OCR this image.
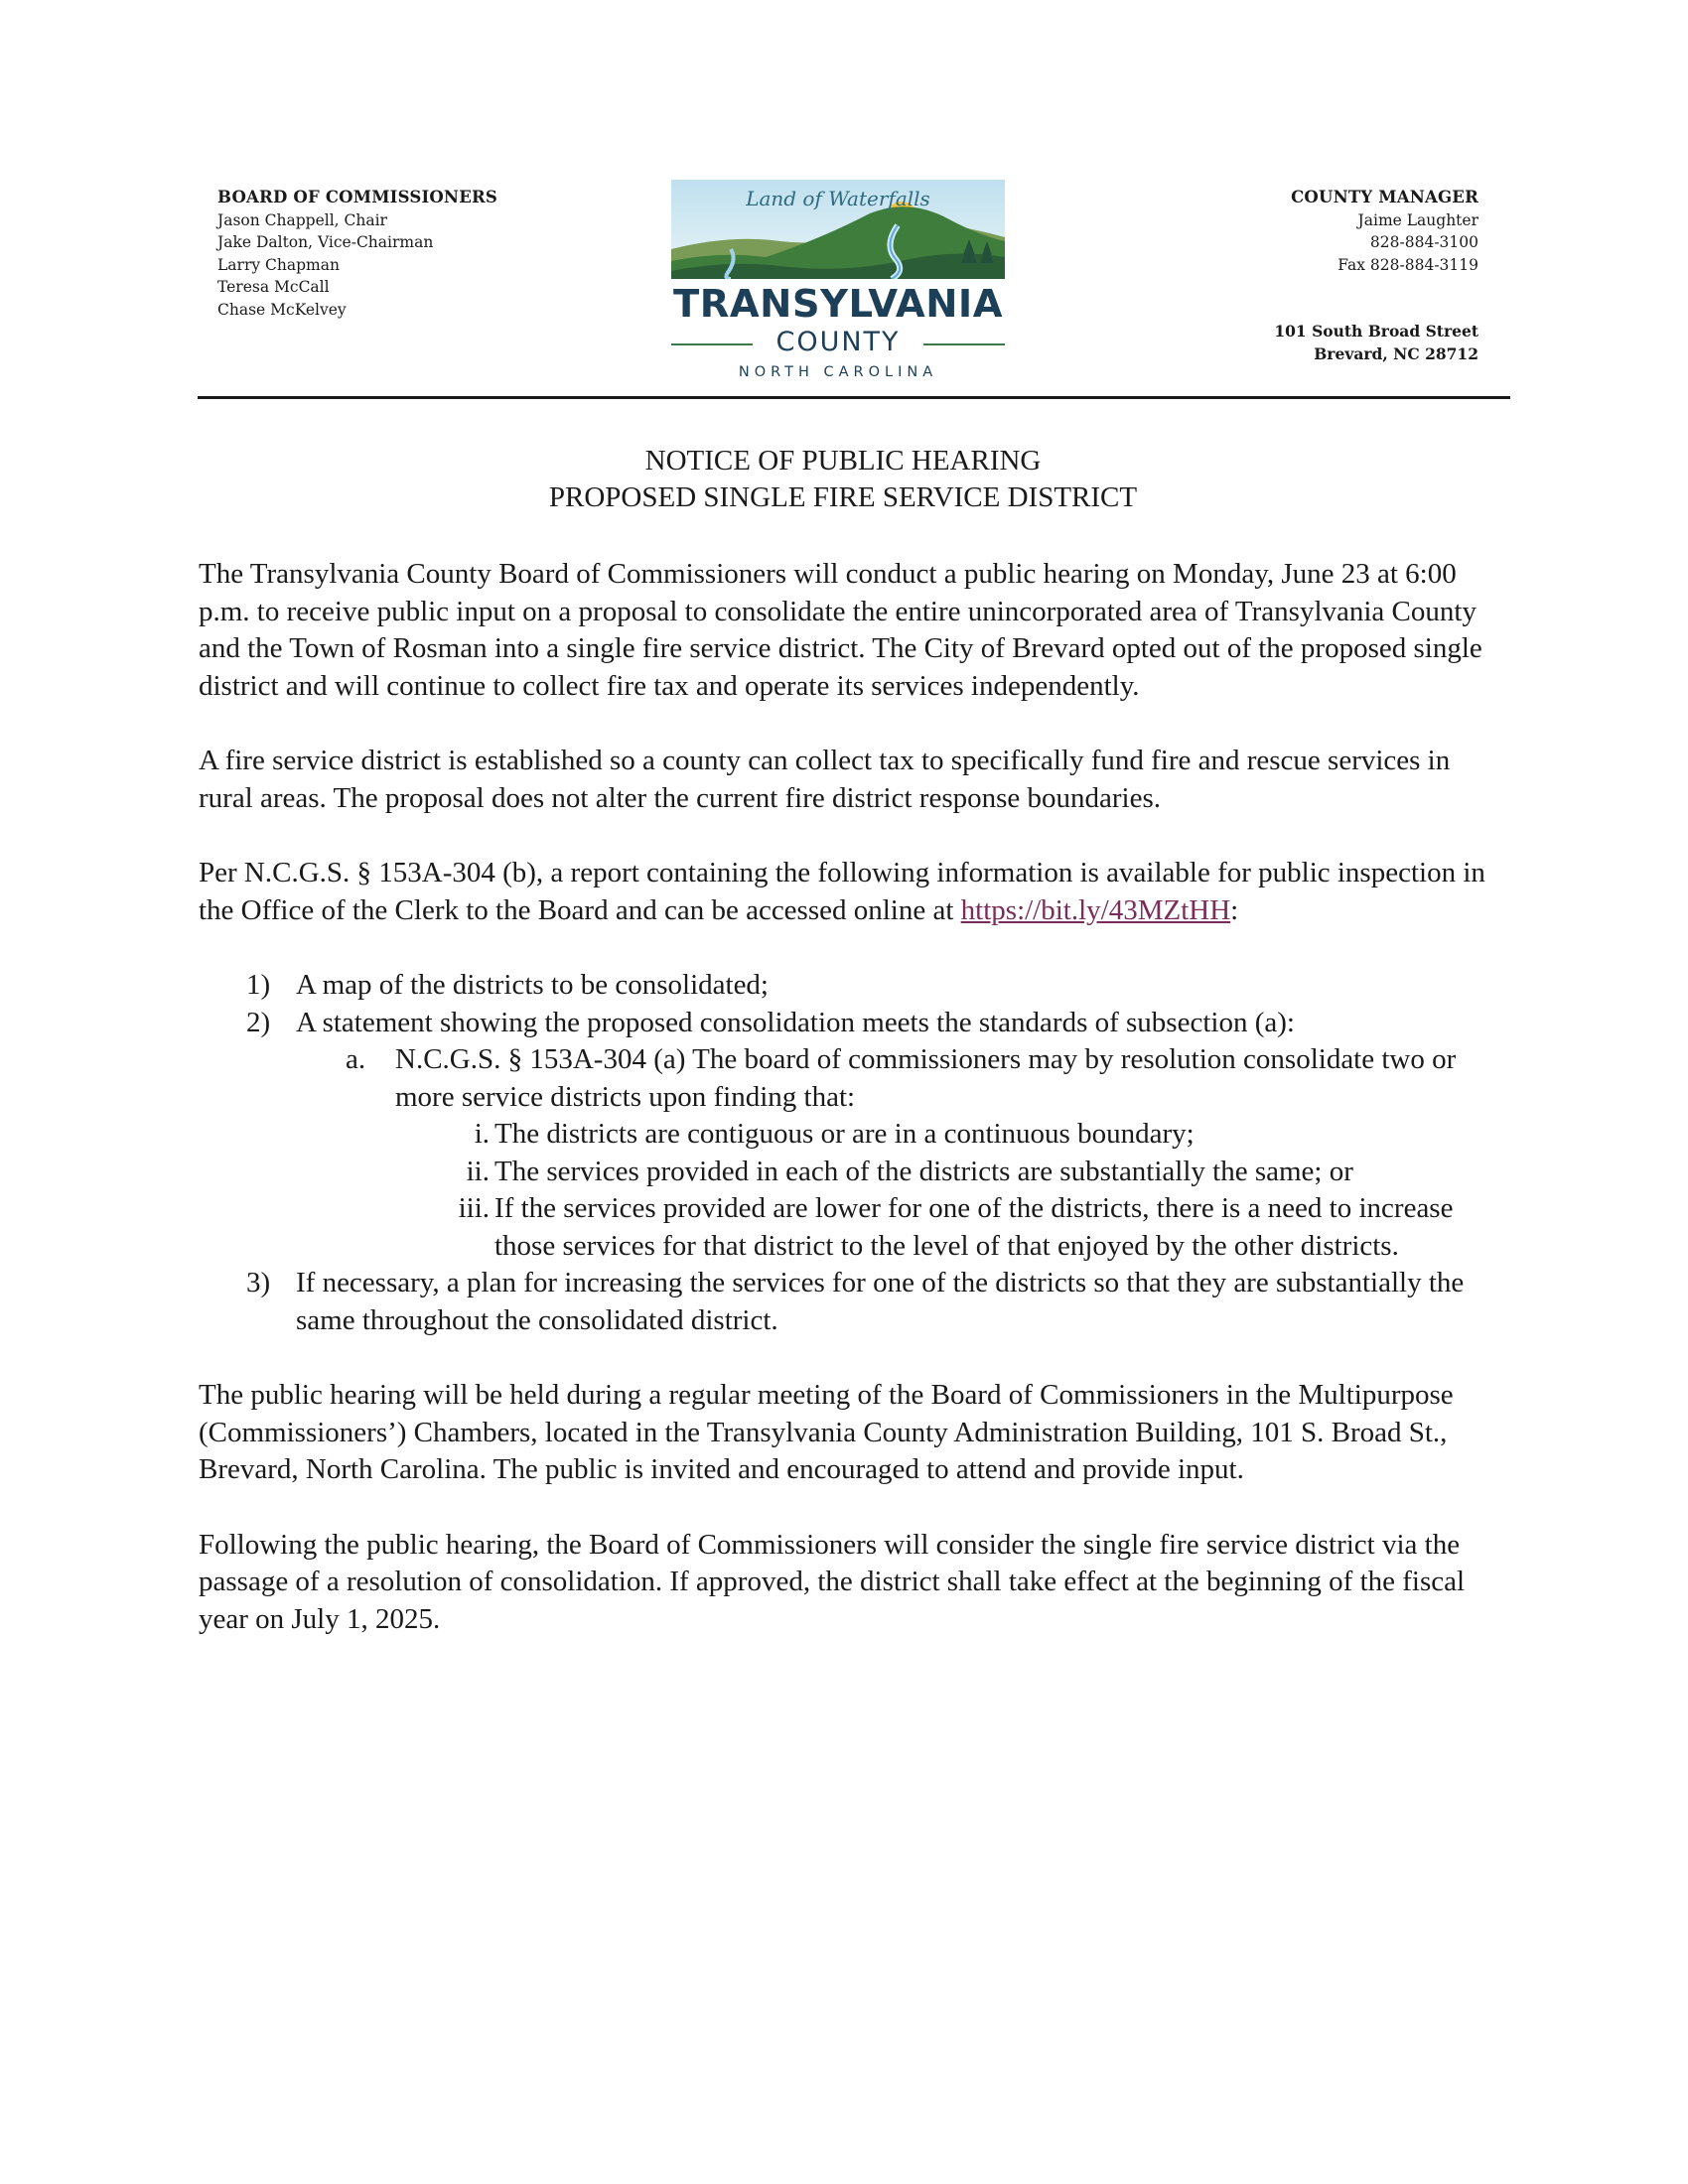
BOARD OF COMMISSIONERS
Jason Chappell, Chair
Jake Dalton, Vice-Chairman
Larry Chapman
Teresa McCall
Chase McKelvey
Land of Waterfalls
TRANSYLVANIA
COUNTY
NORTH CAROLINA
COUNTY MANAGER
Jaime Laughter
828-884-3100
Fax 828-884-3119
101 South Broad Street
Brevard, NC 28712
NOTICE OF PUBLIC HEARING
PROPOSED SINGLE FIRE SERVICE DISTRICT

The Transylvania County Board of Commissioners will conduct a public hearing on Monday, June 23 at 6:00 p.m. to receive public input on a proposal to consolidate the entire unincorporated area of Transylvania County and the Town of Rosman into a single fire service district. The City of Brevard opted out of the proposed single district and will continue to collect fire tax and operate its services independently.

A fire service district is established so a county can collect tax to specifically fund fire and rescue services in rural areas. The proposal does not alter the current fire district response boundaries.

Per N.C.G.S. § 153A-304 (b), a report containing the following information is available for public inspection in the Office of the Clerk to the Board and can be accessed online at https://bit.ly/43MZtHH:

1) A map of the districts to be consolidated;
2) A statement showing the proposed consolidation meets the standards of subsection (a):
a. N.C.G.S. § 153A-304 (a) The board of commissioners may by resolution consolidate two or more service districts upon finding that:
i. The districts are contiguous or are in a continuous boundary;
ii. The services provided in each of the districts are substantially the same; or
iii. If the services provided are lower for one of the districts, there is a need to increase those services for that district to the level of that enjoyed by the other districts.
3) If necessary, a plan for increasing the services for one of the districts so that they are substantially the same throughout the consolidated district.

The public hearing will be held during a regular meeting of the Board of Commissioners in the Multipurpose (Commissioners’) Chambers, located in the Transylvania County Administration Building, 101 S. Broad St., Brevard, North Carolina. The public is invited and encouraged to attend and provide input.

Following the public hearing, the Board of Commissioners will consider the single fire service district via the passage of a resolution of consolidation. If approved, the district shall take effect at the beginning of the fiscal year on July 1, 2025.
